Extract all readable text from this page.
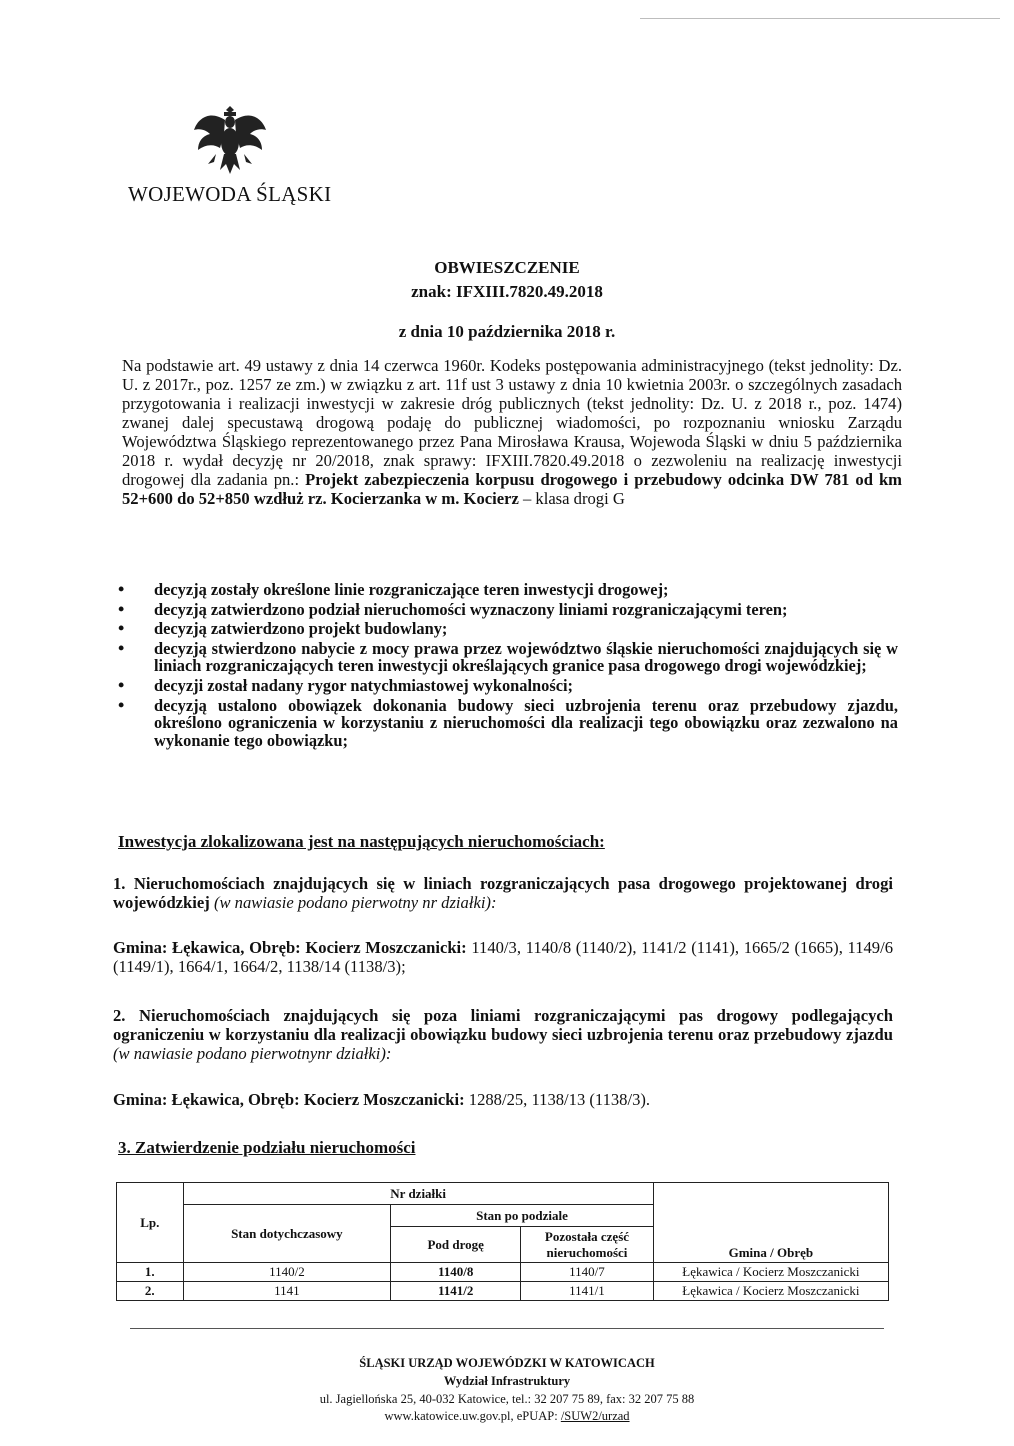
WOJEWODA ŚLĄSKI
OBWIESZCZENIE
znak: IFXIII.7820.49.2018
z dnia 10 października 2018 r.
Na podstawie art. 49 ustawy z dnia 14 czerwca 1960r. Kodeks postępowania administracyjnego (tekst jednolity: Dz. U. z 2017r., poz. 1257 ze zm.) w związku z art. 11f ust 3 ustawy z dnia 10 kwietnia 2003r. o szczególnych zasadach przygotowania i realizacji inwestycji w zakresie dróg publicznych (tekst jednolity: Dz. U. z 2018 r., poz. 1474) zwanej dalej specustawą drogową podaję do publicznej wiadomości, po rozpoznaniu wniosku Zarządu Województwa Śląskiego reprezentowanego przez Pana Mirosława Krausa, Wojewoda Śląski w dniu 5 października 2018 r. wydał decyzję nr 20/2018, znak sprawy: IFXIII.7820.49.2018 o zezwoleniu na realizację inwestycji drogowej dla zadania pn.: Projekt zabezpieczenia korpusu drogowego i przebudowy odcinka DW 781 od km 52+600 do 52+850 wzdłuż rz. Kocierzanka w m. Kocierz – klasa drogi G
• decyzją zostały określone linie rozgraniczające teren inwestycji drogowej;
• decyzją zatwierdzono podział nieruchomości wyznaczony liniami rozgraniczającymi teren;
• decyzją zatwierdzono projekt budowlany;
• decyzją stwierdzono nabycie z mocy prawa przez województwo śląskie nieruchomości znajdujących się w liniach rozgraniczających teren inwestycji określających granice pasa drogowego drogi wojewódzkiej;
• decyzji został nadany rygor natychmiastowej wykonalności;
• decyzją ustalono obowiązek dokonania budowy sieci uzbrojenia terenu oraz przebudowy zjazdu, określono ograniczenia w korzystaniu z nieruchomości dla realizacji tego obowiązku oraz zezwalono na wykonanie tego obowiązku;
Inwestycja zlokalizowana jest na następujących nieruchomościach:
1. Nieruchomościach znajdujących się w liniach rozgraniczających pasa drogowego projektowanej drogi wojewódzkiej (w nawiasie podano pierwotny nr działki):
Gmina: Łękawica, Obręb: Kocierz Moszczanicki: 1140/3, 1140/8 (1140/2), 1141/2 (1141), 1665/2 (1665), 1149/6 (1149/1), 1664/1, 1664/2, 1138/14 (1138/3);
2. Nieruchomościach znajdujących się poza liniami rozgraniczającymi pas drogowy podlegających ograniczeniu w korzystaniu dla realizacji obowiązku budowy sieci uzbrojenia terenu oraz przebudowy zjazdu (w nawiasie podano pierwotnynr działki):
Gmina: Łękawica, Obręb: Kocierz Moszczanicki: 1288/25, 1138/13 (1138/3).
3. Zatwierdzenie podziału nieruchomości
Lp.	Nr działki			Gmina / Obręb
	Stan dotychczasowy	Stan po podziale		
		Pod drogę	Pozostała część nieruchomości	
1.	1140/2	1140/8	1140/7	Łękawica / Kocierz Moszczanicki
2.	1141	1141/2	1141/1	Łękawica / Kocierz Moszczanicki
ŚLĄSKI URZĄD WOJEWÓDZKI W KATOWICACH
Wydział Infrastruktury
ul. Jagiellońska 25, 40-032 Katowice, tel.: 32 207 75 89, fax: 32 207 75 88
www.katowice.uw.gov.pl, ePUAP: /SUW2/urzad
